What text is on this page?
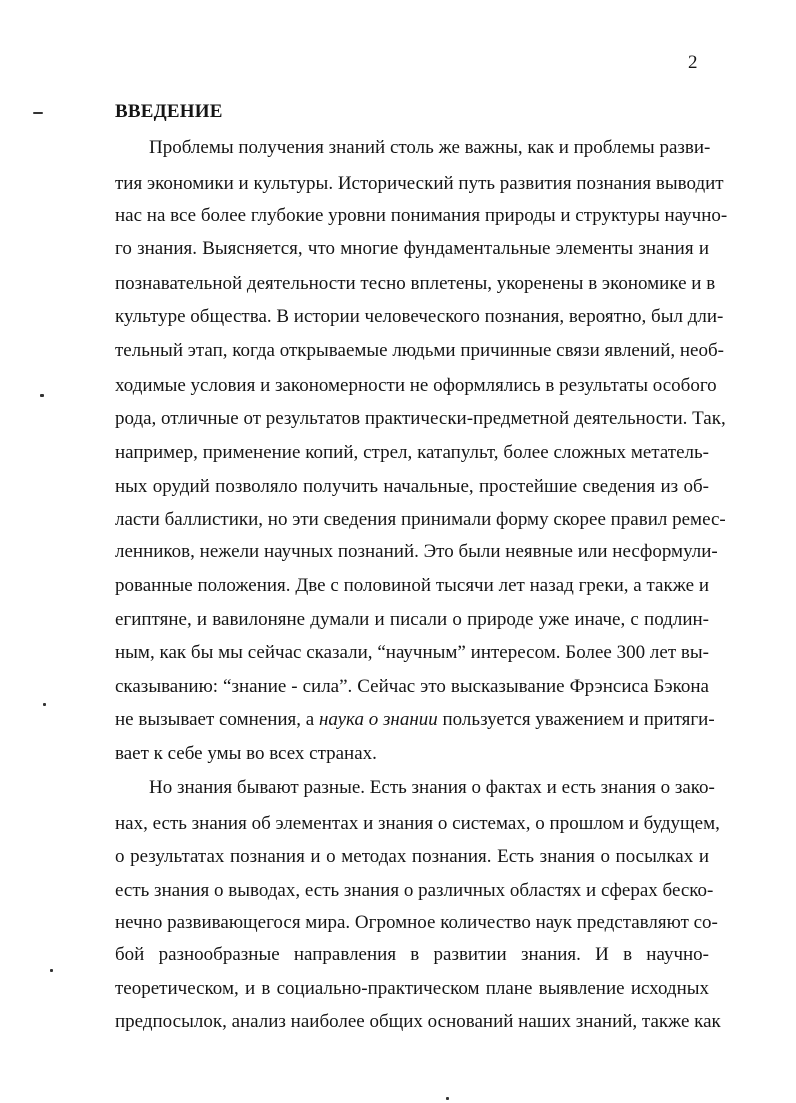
2
ВВЕДЕНИЕ
Проблемы получения знаний столь же важны, как и проблемы разви-
тия экономики и культуры. Исторический путь развития познания выводит
нас на все более глубокие уровни понимания природы и структуры научно-
го знания. Выясняется, что многие фундаментальные элементы знания и
познавательной деятельности тесно вплетены, укоренены в экономике и в
культуре общества. В истории человеческого познания, вероятно, был дли-
тельный этап, когда открываемые людьми причинные связи явлений, необ-
ходимые условия и закономерности не оформлялись в результаты особого
рода, отличные от результатов практически-предметной деятельности. Так,
например, применение копий, стрел, катапульт, более сложных метатель-
ных орудий позволяло получить начальные, простейшие сведения из об-
ласти баллистики, но эти сведения принимали форму скорее правил ремес-
ленников, нежели научных познаний. Это были неявные или несформули-
рованные положения. Две с половиной тысячи лет назад греки, а также и
египтяне, и вавилоняне думали и писали о природе уже иначе, с подлин-
ным, как бы мы сейчас сказали, “научным” интересом. Более 300 лет вы-
сказыванию: “знание - сила”. Сейчас это высказывание Фрэнсиса Бэкона
не вызывает сомнения, а наука о знании пользуется уважением и притяги-
вает к себе умы во всех странах.
Но знания бывают разные. Есть знания о фактах и есть знания о зако-
нах, есть знания об элементах и знания о системах, о прошлом и будущем,
о результатах познания и о методах познания. Есть знания о посылках и
есть знания о выводах, есть знания о различных областях и сферах беско-
нечно развивающегося мира. Огромное количество наук представляют со-
бой разнообразные направления в развитии знания. И в научно-
теоретическом, и в социально-практическом плане выявление исходных
предпосылок, анализ наиболее общих оснований наших знаний, также как
